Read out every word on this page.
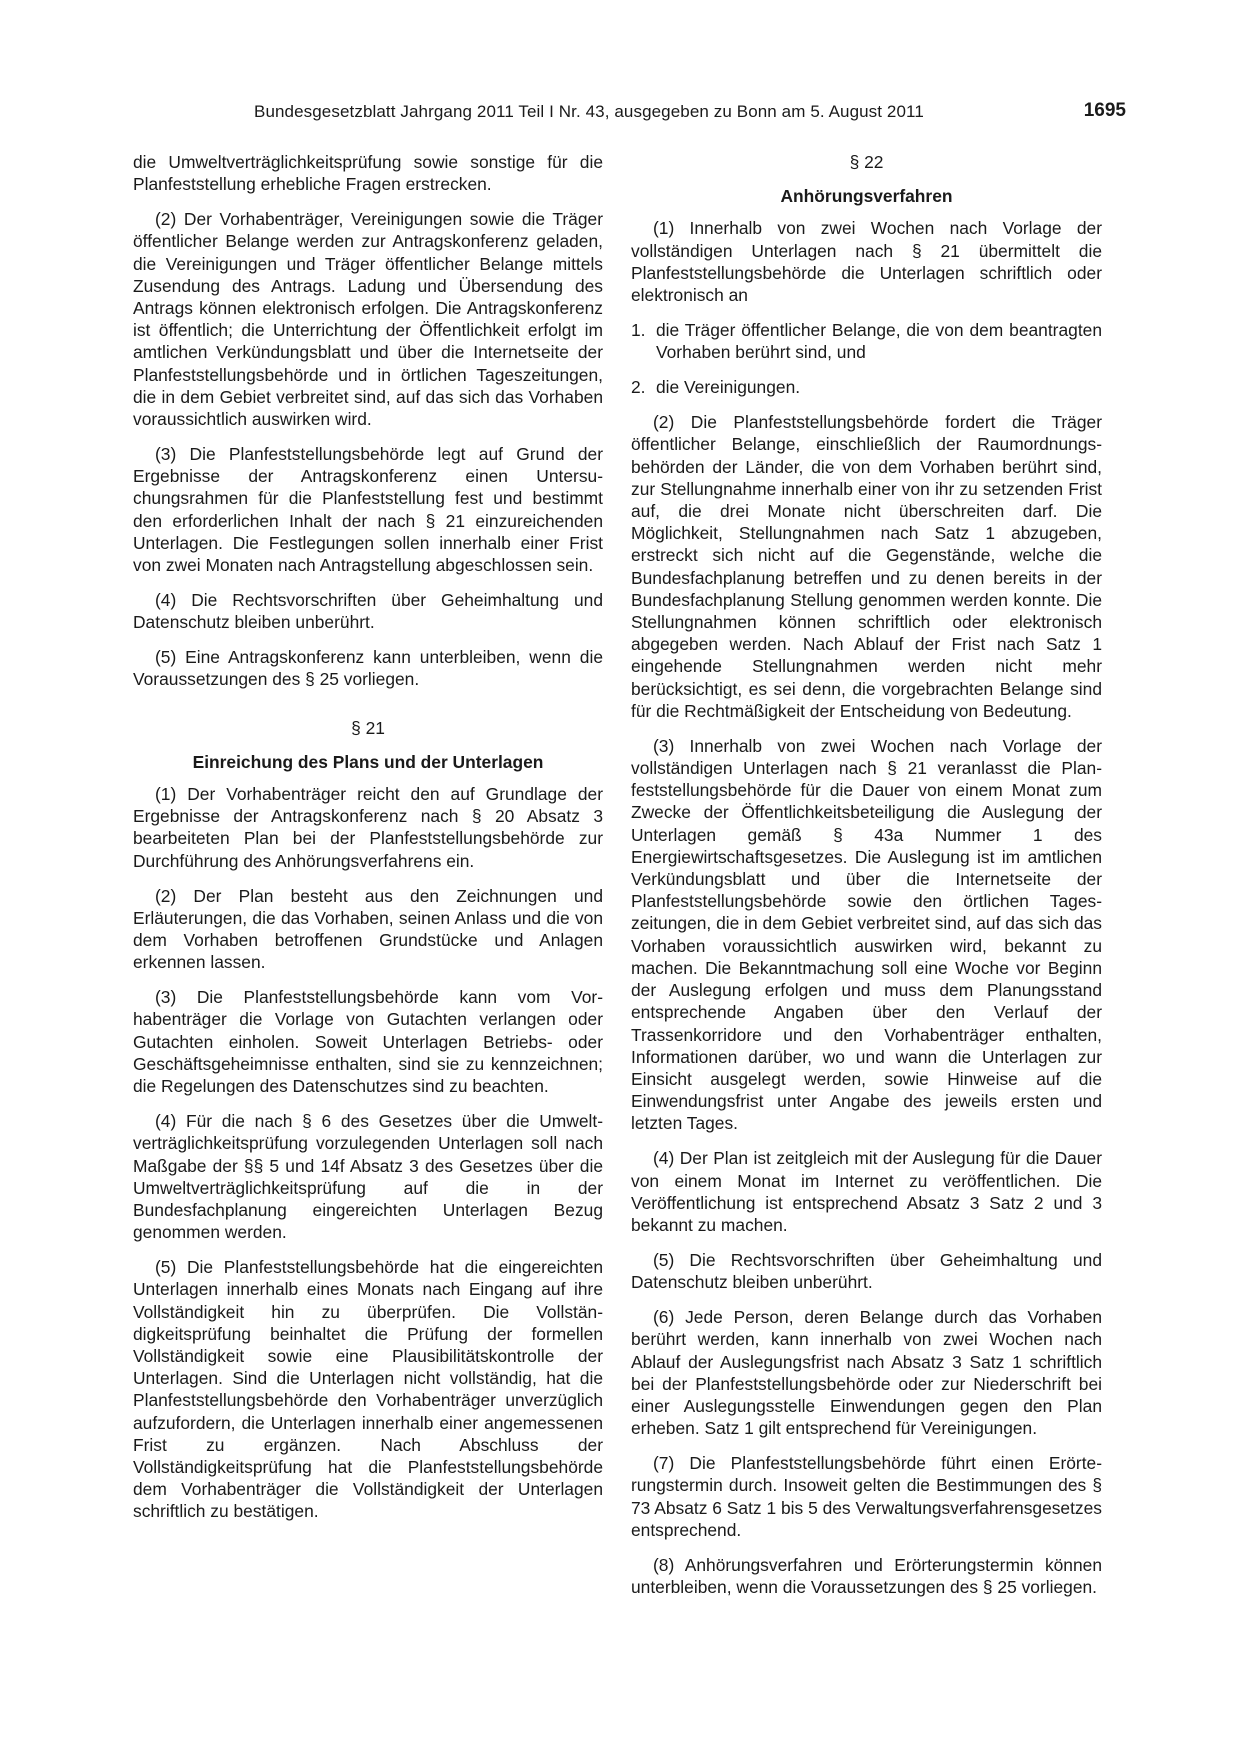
Bundesgesetzblatt Jahrgang 2011 Teil I Nr. 43, ausgegeben zu Bonn am 5. August 2011	1695

die Umweltverträglichkeitsprüfung sowie sonstige für die Planfeststellung erhebliche Fragen erstrecken.

(2) Der Vorhabenträger, Vereinigungen sowie die Träger öffentlicher Belange werden zur Antragskonferenz geladen, die Vereinigungen und Träger öffentlicher Belange mittels Zusendung des Antrags. Ladung und Übersendung des Antrags können elektronisch erfolgen. Die Antragskonferenz ist öffentlich; die Unterrichtung der Öffentlichkeit erfolgt im amtlichen Verkündungsblatt und über die Internetseite der Planfeststellungsbehörde und in örtlichen Tageszeitungen, die in dem Gebiet verbreitet sind, auf das sich das Vorhaben voraussichtlich auswirken wird.

(3) Die Planfeststellungsbehörde legt auf Grund der Ergebnisse der Antragskonferenz einen Untersuchungsrahmen für die Planfeststellung fest und bestimmt den erforderlichen Inhalt der nach § 21 einzureichenden Unterlagen. Die Festlegungen sollen innerhalb einer Frist von zwei Monaten nach Antragstellung abgeschlossen sein.

(4) Die Rechtsvorschriften über Geheimhaltung und Datenschutz bleiben unberührt.

(5) Eine Antragskonferenz kann unterbleiben, wenn die Voraussetzungen des § 25 vorliegen.

§ 21

Einreichung des Plans und der Unterlagen

(1) Der Vorhabenträger reicht den auf Grundlage der Ergebnisse der Antragskonferenz nach § 20 Absatz 3 bearbeiteten Plan bei der Planfeststellungsbehörde zur Durchführung des Anhörungsverfahrens ein.

(2) Der Plan besteht aus den Zeichnungen und Erläuterungen, die das Vorhaben, seinen Anlass und die von dem Vorhaben betroffenen Grundstücke und Anlagen erkennen lassen.

(3) Die Planfeststellungsbehörde kann vom Vorhabenträger die Vorlage von Gutachten verlangen oder Gutachten einholen. Soweit Unterlagen Betriebs- oder Geschäftsgeheimnisse enthalten, sind sie zu kennzeichnen; die Regelungen des Datenschutzes sind zu beachten.

(4) Für die nach § 6 des Gesetzes über die Umweltverträglichkeitsprüfung vorzulegenden Unterlagen soll nach Maßgabe der §§ 5 und 14f Absatz 3 des Gesetzes über die Umweltverträglichkeitsprüfung auf die in der Bundesfachplanung eingereichten Unterlagen Bezug genommen werden.

(5) Die Planfeststellungsbehörde hat die eingereichten Unterlagen innerhalb eines Monats nach Eingang auf ihre Vollständigkeit hin zu überprüfen. Die Vollständigkeitsprüfung beinhaltet die Prüfung der formellen Vollständigkeit sowie eine Plausibilitätskontrolle der Unterlagen. Sind die Unterlagen nicht vollständig, hat die Planfeststellungsbehörde den Vorhabenträger unverzüglich aufzufordern, die Unterlagen innerhalb einer angemessenen Frist zu ergänzen. Nach Abschluss der Vollständigkeitsprüfung hat die Planfeststellungsbehörde dem Vorhabenträger die Vollständigkeit der Unterlagen schriftlich zu bestätigen.

§ 22

Anhörungsverfahren

(1) Innerhalb von zwei Wochen nach Vorlage der vollständigen Unterlagen nach § 21 übermittelt die Planfeststellungsbehörde die Unterlagen schriftlich oder elektronisch an

1. die Träger öffentlicher Belange, die von dem beantragten Vorhaben berührt sind, und
2. die Vereinigungen.

(2) Die Planfeststellungsbehörde fordert die Träger öffentlicher Belange, einschließlich der Raumordnungsbehörden der Länder, die von dem Vorhaben berührt sind, zur Stellungnahme innerhalb einer von ihr zu setzenden Frist auf, die drei Monate nicht überschreiten darf. Die Möglichkeit, Stellungnahmen nach Satz 1 abzugeben, erstreckt sich nicht auf die Gegenstände, welche die Bundesfachplanung betreffen und zu denen bereits in der Bundesfachplanung Stellung genommen werden konnte. Die Stellungnahmen können schriftlich oder elektronisch abgegeben werden. Nach Ablauf der Frist nach Satz 1 eingehende Stellungnahmen werden nicht mehr berücksichtigt, es sei denn, die vorgebrachten Belange sind für die Rechtmäßigkeit der Entscheidung von Bedeutung.

(3) Innerhalb von zwei Wochen nach Vorlage der vollständigen Unterlagen nach § 21 veranlasst die Planfeststellungsbehörde für die Dauer von einem Monat zum Zwecke der Öffentlichkeitsbeteiligung die Auslegung der Unterlagen gemäß § 43a Nummer 1 des Energiewirtschaftsgesetzes. Die Auslegung ist im amtlichen Verkündungsblatt und über die Internetseite der Planfeststellungsbehörde sowie den örtlichen Tageszeitungen, die in dem Gebiet verbreitet sind, auf das sich das Vorhaben voraussichtlich auswirken wird, bekannt zu machen. Die Bekanntmachung soll eine Woche vor Beginn der Auslegung erfolgen und muss dem Planungsstand entsprechende Angaben über den Verlauf der Trassenkorridore und den Vorhabenträger enthalten, Informationen darüber, wo und wann die Unterlagen zur Einsicht ausgelegt werden, sowie Hinweise auf die Einwendungsfrist unter Angabe des jeweils ersten und letzten Tages.

(4) Der Plan ist zeitgleich mit der Auslegung für die Dauer von einem Monat im Internet zu veröffentlichen. Die Veröffentlichung ist entsprechend Absatz 3 Satz 2 und 3 bekannt zu machen.

(5) Die Rechtsvorschriften über Geheimhaltung und Datenschutz bleiben unberührt.

(6) Jede Person, deren Belange durch das Vorhaben berührt werden, kann innerhalb von zwei Wochen nach Ablauf der Auslegungsfrist nach Absatz 3 Satz 1 schriftlich bei der Planfeststellungsbehörde oder zur Niederschrift bei einer Auslegungsstelle Einwendungen gegen den Plan erheben. Satz 1 gilt entsprechend für Vereinigungen.

(7) Die Planfeststellungsbehörde führt einen Erörterungstermin durch. Insoweit gelten die Bestimmungen des § 73 Absatz 6 Satz 1 bis 5 des Verwaltungsverfahrensgesetzes entsprechend.

(8) Anhörungsverfahren und Erörterungstermin können unterbleiben, wenn die Voraussetzungen des § 25 vorliegen.
